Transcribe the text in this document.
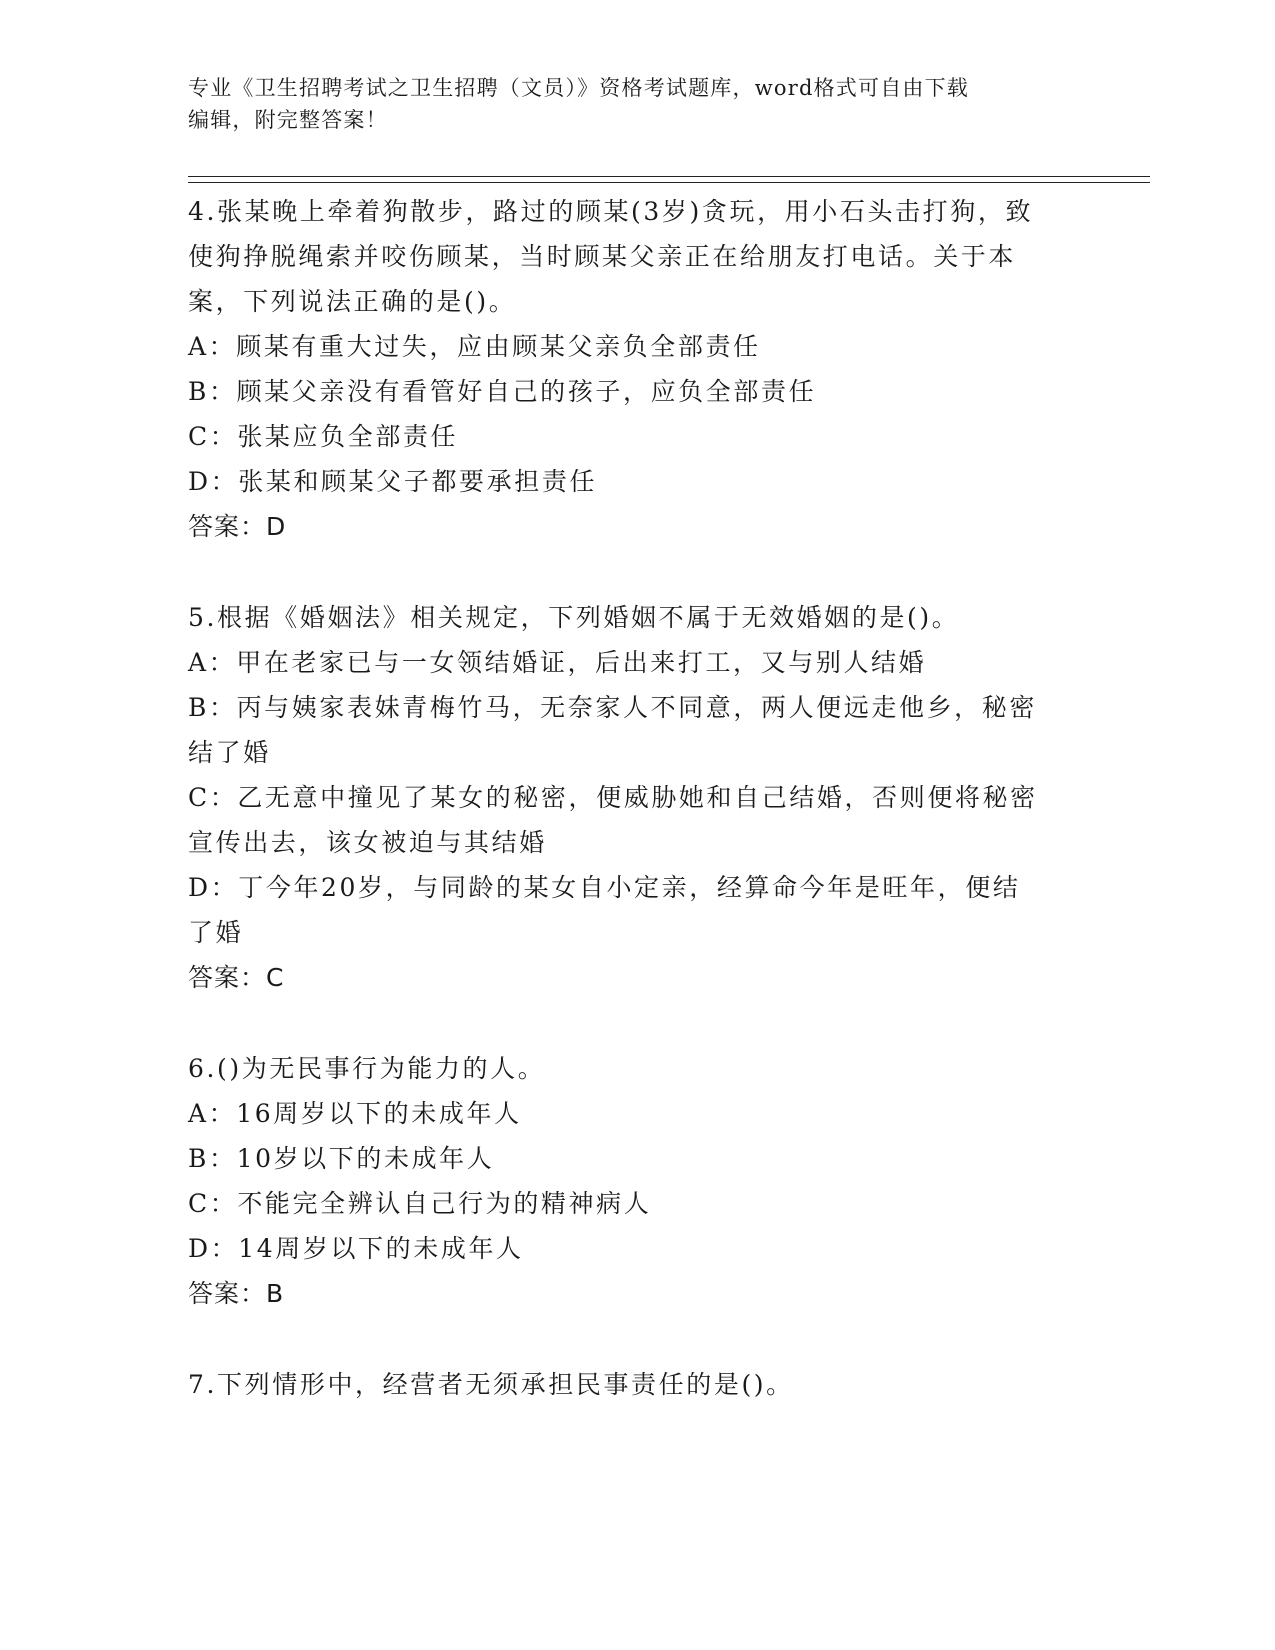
专业《卫生招聘考试之卫生招聘（文员）》资格考试题库，word格式可自由下载
编辑，附完整答案！
4.张某晚上牵着狗散步，路过的顾某(3岁)贪玩，用小石头击打狗，致
使狗挣脱绳索并咬伤顾某，当时顾某父亲正在给朋友打电话。关于本
案，下列说法正确的是()。
A：顾某有重大过失，应由顾某父亲负全部责任
B：顾某父亲没有看管好自己的孩子，应负全部责任
C：张某应负全部责任
D：张某和顾某父子都要承担责任
答案：D
5.根据《婚姻法》相关规定，下列婚姻不属于无效婚姻的是()。
A：甲在老家已与一女领结婚证，后出来打工，又与别人结婚
B：丙与姨家表妹青梅竹马，无奈家人不同意，两人便远走他乡，秘密
结了婚
C：乙无意中撞见了某女的秘密，便威胁她和自己结婚，否则便将秘密
宣传出去，该女被迫与其结婚
D：丁今年20岁，与同龄的某女自小定亲，经算命今年是旺年，便结
了婚
答案：C
6.()为无民事行为能力的人。
A：16周岁以下的未成年人
B：10岁以下的未成年人
C：不能完全辨认自己行为的精神病人
D：14周岁以下的未成年人
答案：B
7.下列情形中，经营者无须承担民事责任的是()。
